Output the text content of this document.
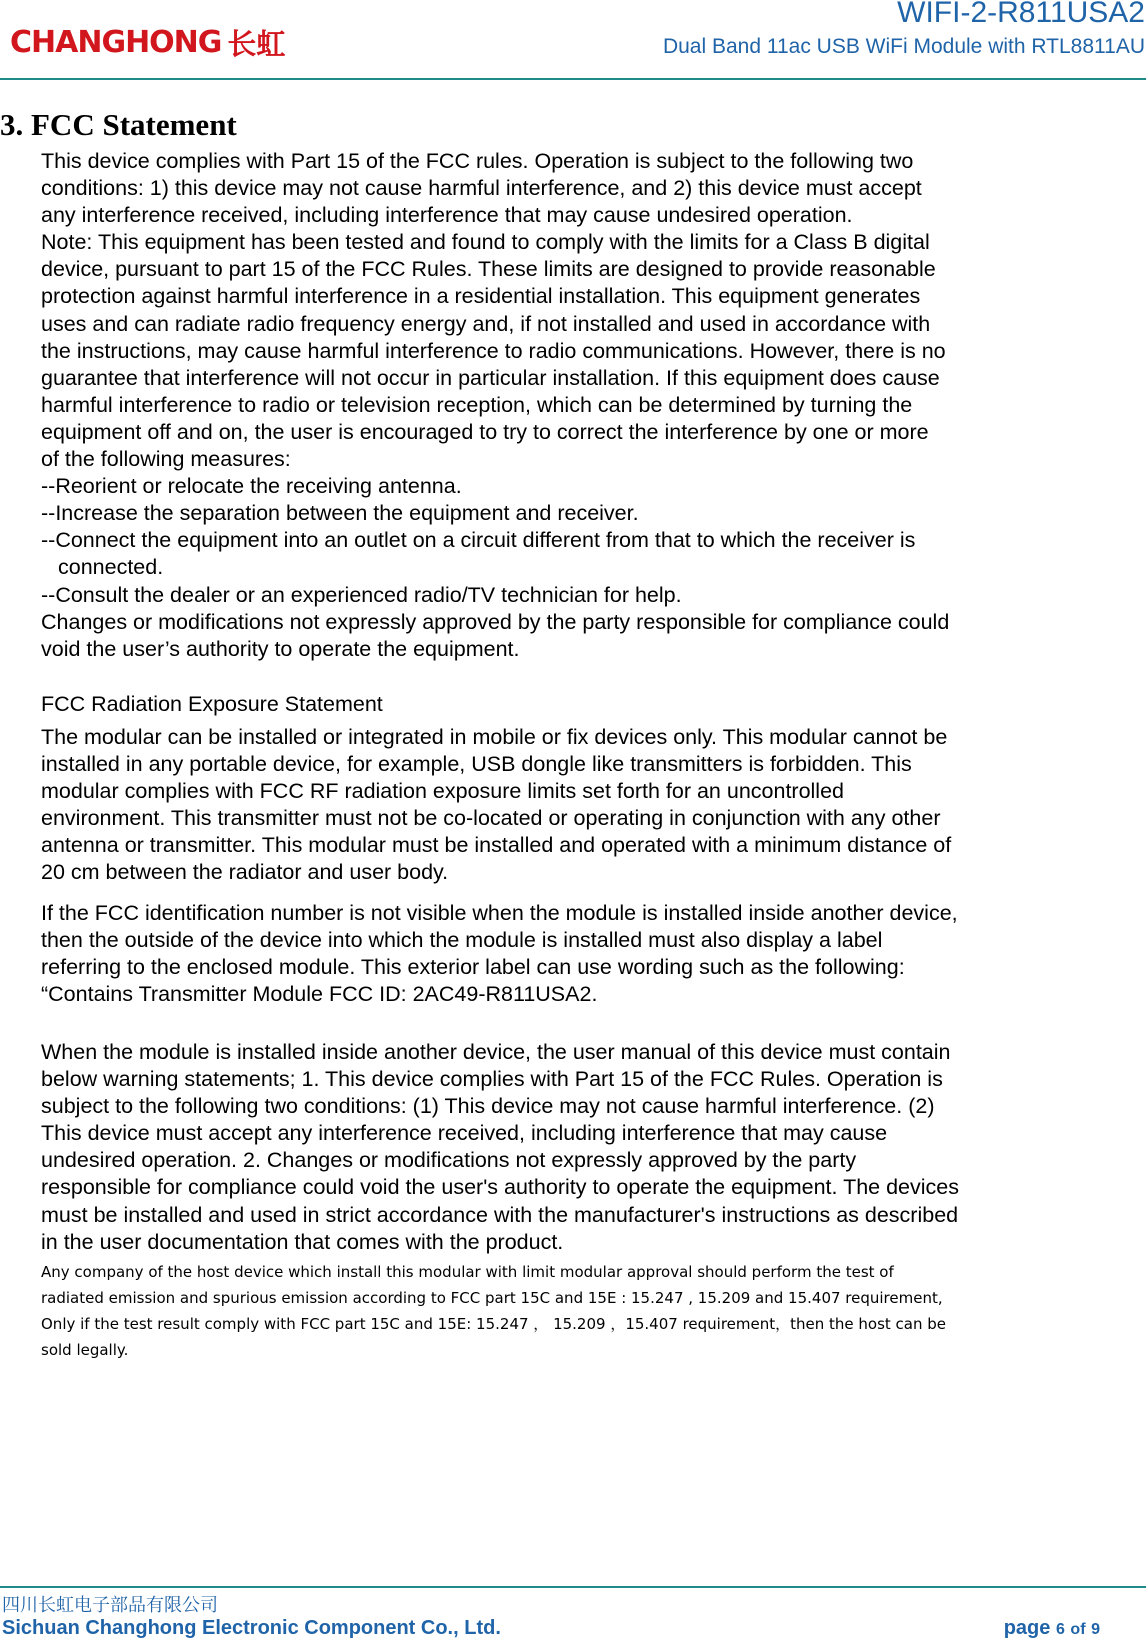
CHANGHONG 长虹
WIFI-2-R811USA2
Dual Band 11ac USB WiFi Module with RTL8811AU
3. FCC Statement

This device complies with Part 15 of the FCC rules. Operation is subject to the following two

conditions: 1) this device may not cause harmful interference, and 2) this device must accept

any interference received, including interference that may cause undesired operation.

Note: This equipment has been tested and found to comply with the limits for a Class B digital

device, pursuant to part 15 of the FCC Rules. These limits are designed to provide reasonable

protection against harmful interference in a residential installation. This equipment generates

uses and can radiate radio frequency energy and, if not installed and used in accordance with

the instructions, may cause harmful interference to radio communications. However, there is no

guarantee that interference will not occur in particular installation. If this equipment does cause

harmful interference to radio or television reception, which can be determined by turning the

equipment off and on, the user is encouraged to try to correct the interference by one or more

of the following measures:

--Reorient or relocate the receiving antenna.

--Increase the separation between the equipment and receiver.

--Connect the equipment into an outlet on a circuit different from that to which the receiver is

connected.

--Consult the dealer or an experienced radio/TV technician for help.

Changes or modifications not expressly approved by the party responsible for compliance could

void the user’s authority to operate the equipment.

FCC Radiation Exposure Statement

The modular can be installed or integrated in mobile or fix devices only. This modular cannot be

installed in any portable device, for example, USB dongle like transmitters is forbidden. This

modular complies with FCC RF radiation exposure limits set forth for an uncontrolled

environment. This transmitter must not be co-located or operating in conjunction with any other

antenna or transmitter. This modular must be installed and operated with a minimum distance of

20 cm between the radiator and user body.

If the FCC identification number is not visible when the module is installed inside another device,

then the outside of the device into which the module is installed must also display a label

referring to the enclosed module. This exterior label can use wording such as the following:

“Contains Transmitter Module FCC ID: 2AC49-R811USA2.

When the module is installed inside another device, the user manual of this device must contain

below warning statements; 1. This device complies with Part 15 of the FCC Rules. Operation is

subject to the following two conditions: (1) This device may not cause harmful interference. (2)

This device must accept any interference received, including interference that may cause

undesired operation. 2. Changes or modifications not expressly approved by the party

responsible for compliance could void the user's authority to operate the equipment. The devices

must be installed and used in strict accordance with the manufacturer's instructions as described

in the user documentation that comes with the product.

Any company of the host device which install this modular with limit modular approval should perform the test of

radiated emission and spurious emission according to FCC part 15C and 15E : 15.247 , 15.209 and 15.407 requirement,

Only if the test result comply with FCC part 15C and 15E: 15.247 ， 15.209 ，15.407 requirement，then the host can be

sold legally.

四川长虹电子部品有限公司
Sichuan Changhong Electronic Component Co., Ltd.	page 6 of 9
